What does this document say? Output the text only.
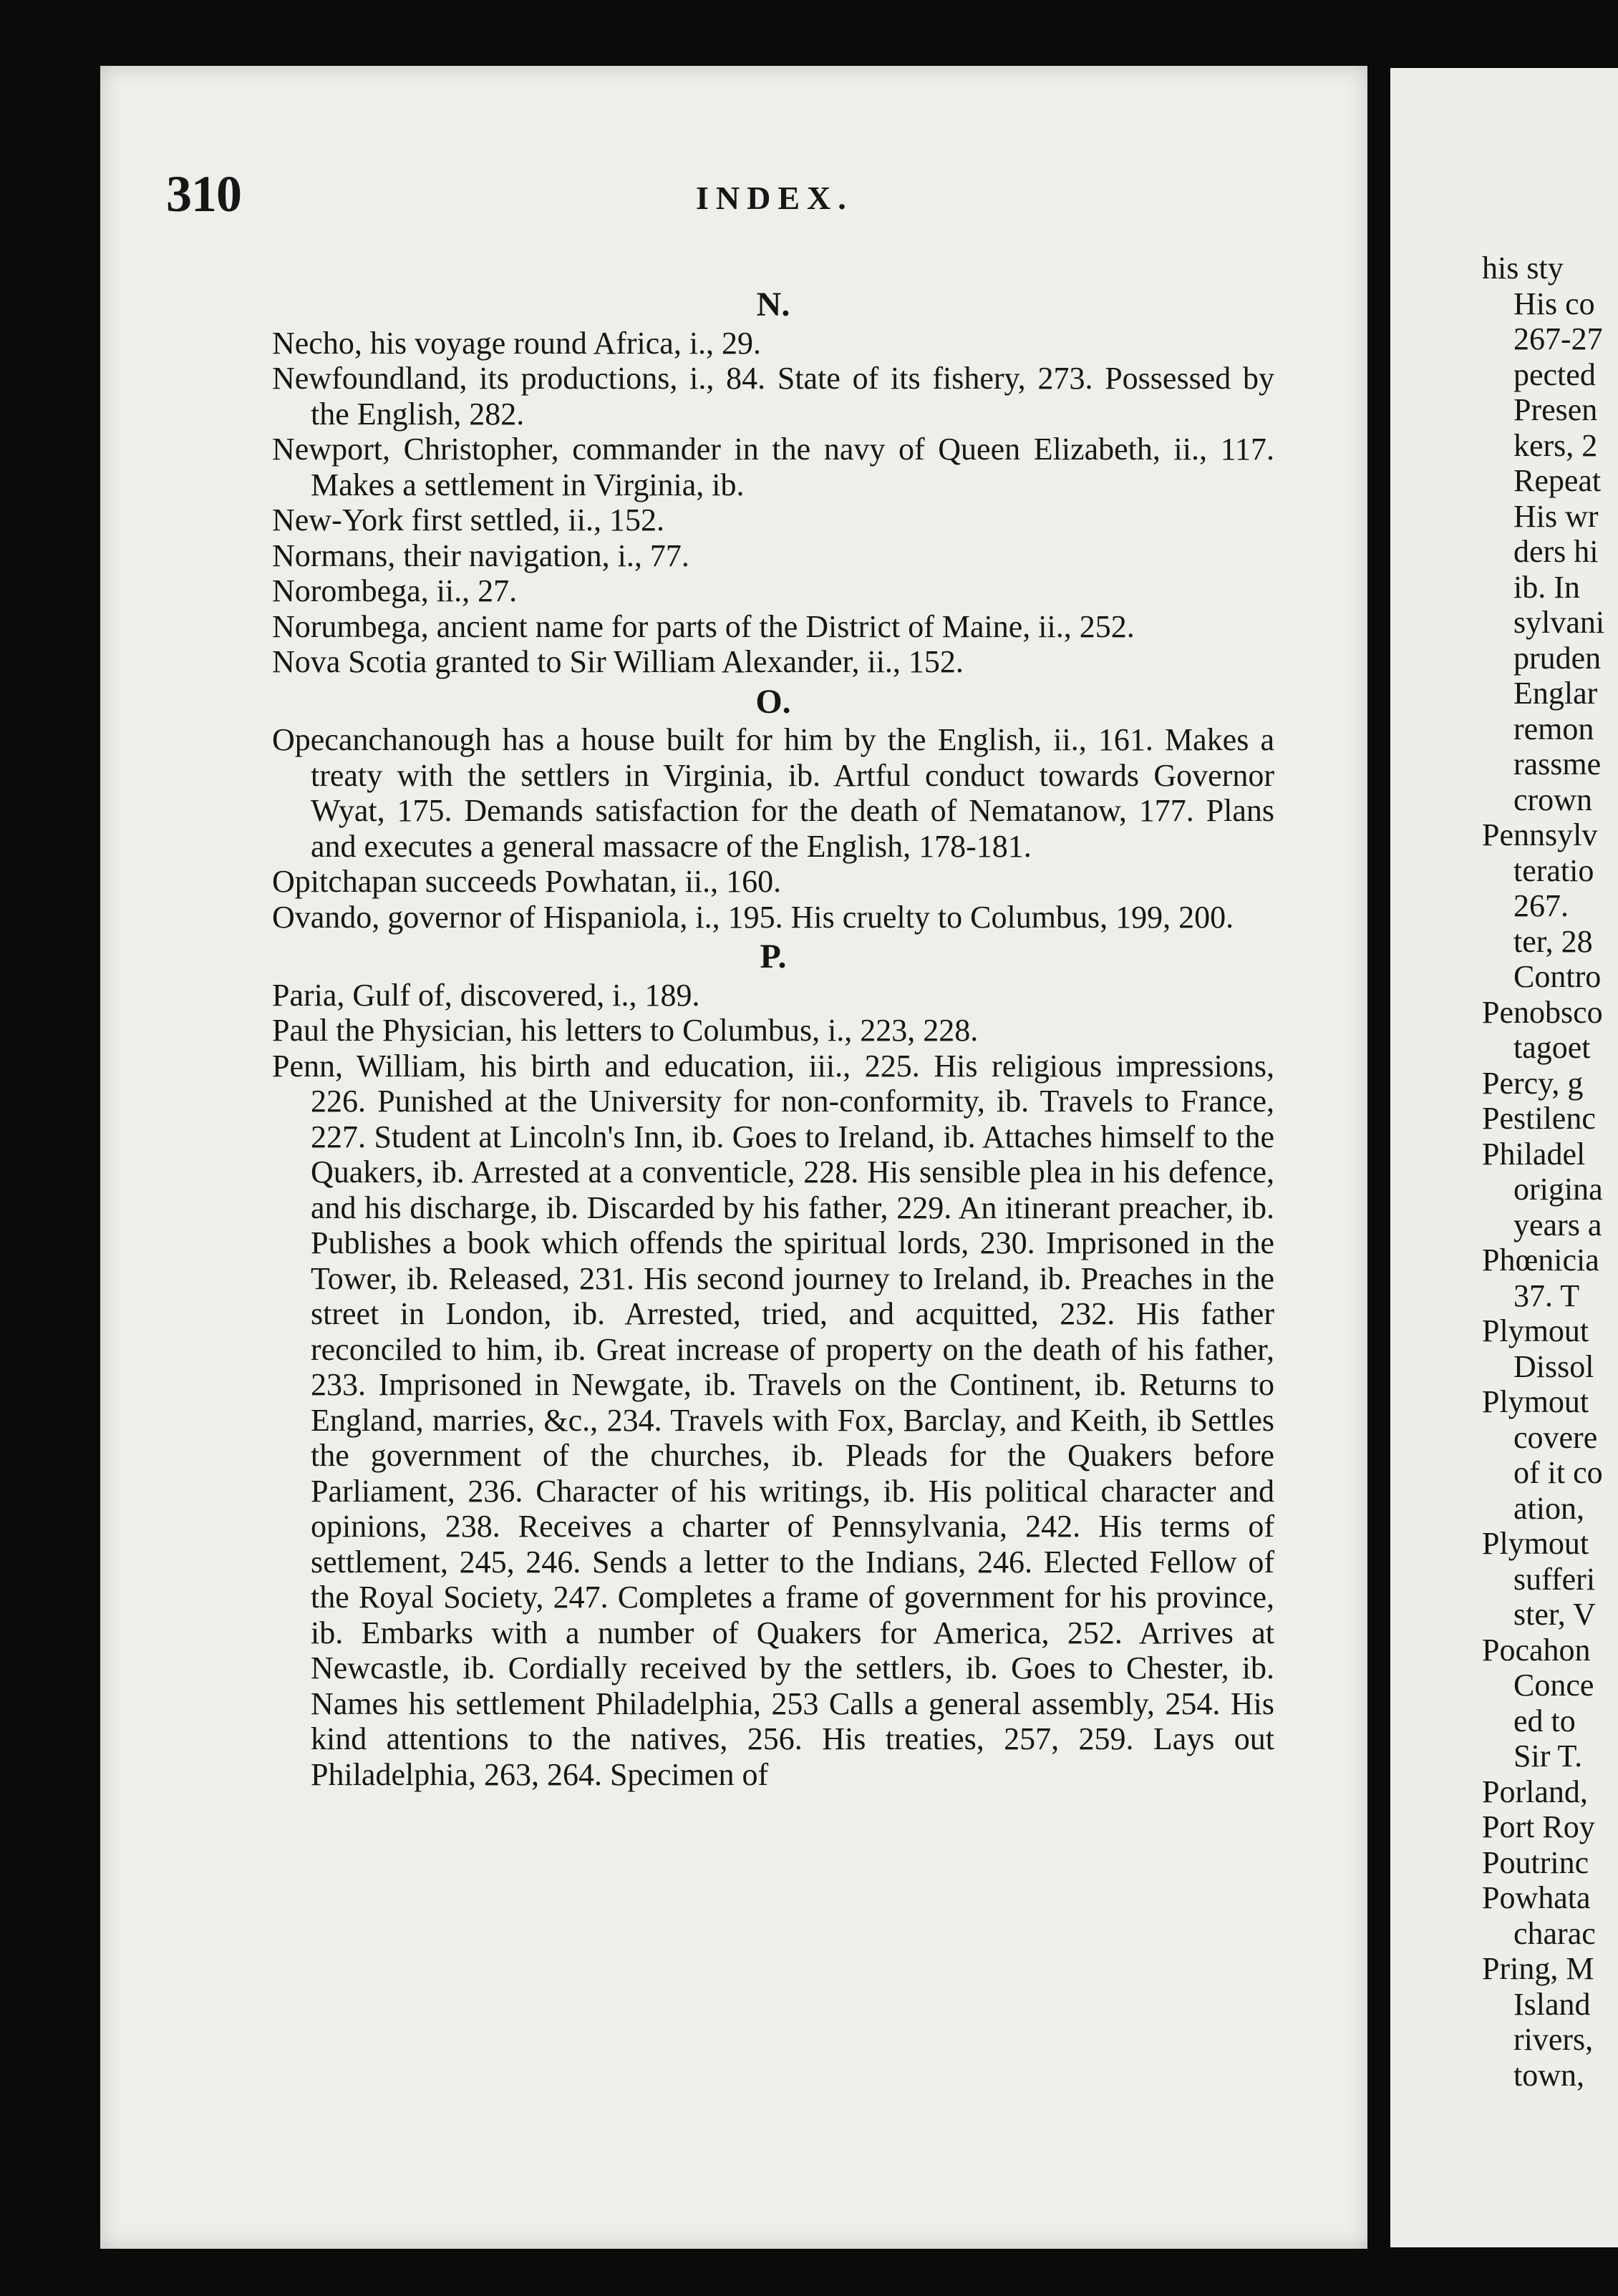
310	INDEX.
N.

Necho, his voyage round Africa, i., 29.

Newfoundland, its productions, i., 84. State of its fishery, 273. Possessed by the English, 282.

Newport, Christopher, commander in the navy of Queen Elizabeth, ii., 117. Makes a settlement in Virginia, ib.

New-York first settled, ii., 152.

Normans, their navigation, i., 77.

Norombega, ii., 27.

Norumbega, ancient name for parts of the District of Maine, ii., 252.

Nova Scotia granted to Sir William Alexander, ii., 152.

O.

Opecanchanough has a house built for him by the English, ii., 161. Makes a treaty with the settlers in Virginia, ib. Artful conduct towards Governor Wyat, 175. Demands satisfaction for the death of Nematanow, 177. Plans and executes a general massacre of the English, 178-181.

Opitchapan succeeds Powhatan, ii., 160.

Ovando, governor of Hispaniola, i., 195. His cruelty to Columbus, 199, 200.

P.

Paria, Gulf of, discovered, i., 189.

Paul the Physician, his letters to Columbus, i., 223, 228.

Penn, William, his birth and education, iii., 225. His religious impressions, 226. Punished at the University for non-conformity, ib. Travels to France, 227. Student at Lincoln's Inn, ib. Goes to Ireland, ib. Attaches himself to the Quakers, ib. Arrested at a conventicle, 228. His sensible plea in his defence, and his discharge, ib. Discarded by his father, 229. An itinerant preacher, ib. Publishes a book which offends the spiritual lords, 230. Imprisoned in the Tower, ib. Released, 231. His second journey to Ireland, ib. Preaches in the street in London, ib. Arrested, tried, and acquitted, 232. His father reconciled to him, ib. Great increase of property on the death of his father, 233. Imprisoned in Newgate, ib. Travels on the Continent, ib. Returns to England, marries, &c., 234. Travels with Fox, Barclay, and Keith, ib Settles the government of the churches, ib. Pleads for the Quakers before Parliament, 236. Character of his writings, ib. His political character and opinions, 238. Receives a charter of Pennsylvania, 242. His terms of settlement, 245, 246. Sends a letter to the Indians, 246. Elected Fellow of the Royal Society, 247. Completes a frame of government for his province, ib. Embarks with a number of Quakers for America, 252. Arrives at Newcastle, ib. Cordially received by the settlers, ib. Goes to Chester, ib. Names his settlement Philadelphia, 253 Calls a general assembly, 254. His kind attentions to the natives, 256. His treaties, 257, 259. Lays out Philadelphia, 263, 264. Specimen of

his sty
His co
267-27
pected
Presen
kers, 2
Repeat
His wr
ders hi
ib. In
sylvani
pruden
Englar
remon
rassme
crown
Pennsylv
teratio
267.
ter, 28
Contro
Penobsco
tagoet
Percy, g
Pestilenc
Philadel
origina
years a
Phœnicia
37. T
Plymout
Dissol
Plymout
covere
of it co
ation,
Plymout
sufferi
ster, V
Pocahon
Conce
ed to
Sir T.
Porland,
Port Roy
Poutrinc
Powhata
charac
Pring, M
Island
rivers,
town,
